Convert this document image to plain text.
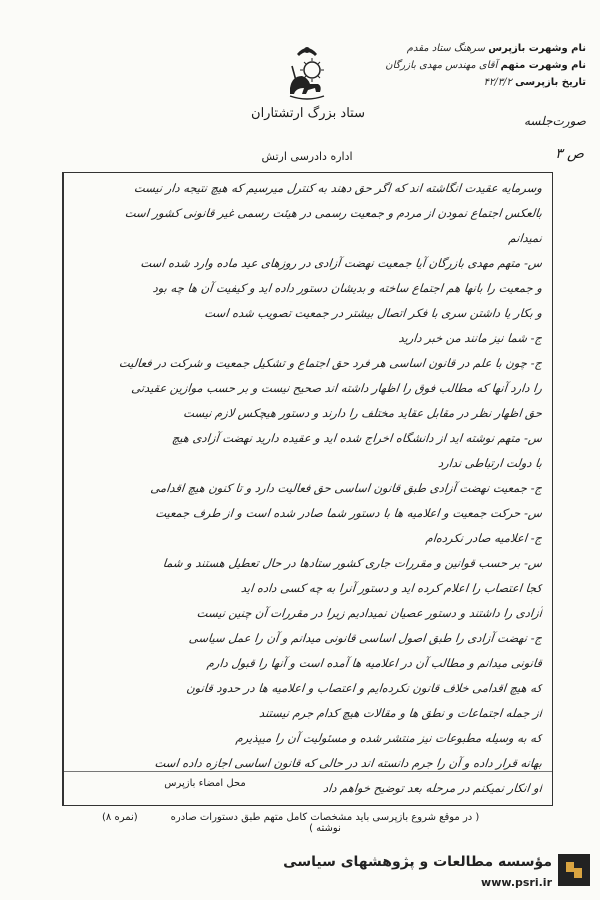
ستاد بزرگ ارتشتاران
اداره دادرسی ارتش
نام وشهرت بازپرس سرهنگ ستاد مقدم
نام وشهرت متهم آقای مهندس مهدی بازرگان
تاریخ بازپرسی ۴۲/۳/۲
صورت‌جلسه
ص ۳
وسرمایه عقیدت انگاشته اند که اگر حق دهند به کنترل میرسیم که هیچ نتیجه دار نیست
بالعکس اجتماع نمودن از مردم و جمعیت رسمی در هیئت رسمی غیر قانونی کشور است
نمیدانم
س- متهم مهدی بازرگان آیا جمعیت نهضت آزادی در روزهای عید ماده وارد شده است
و جمعیت را بانها هم اجتماع ساخته و بدیشان دستور داده اید و کیفیت آن ها چه بود
و بکار یا داشتن سری با فکر اتصال بیشتر در جمعیت تصویب شده است
ج- شما نیز مانند من خبر دارید
ج- چون با علم در قانون اساسی هر فرد حق اجتماع و تشکیل جمعیت و شرکت در فعالیت
را دارد آنها که مطالب فوق را اظهار داشته اند صحیح نیست و بر حسب موازین عقیدتی
حق اظهار نظر در مقابل عقاید مختلف را دارند و دستور هیچکس لازم نیست
س- متهم نوشته اید از دانشگاه اخراج شده اید و عقیده دارید نهضت آزادی هیچ
با دولت ارتباطی ندارد
ج- جمعیت نهضت آزادی طبق قانون اساسی حق فعالیت دارد و تا کنون هیچ اقدامی
س- حرکت جمعیت و اعلامیه ها با دستور شما صادر شده است و از طرف جمعیت
ج- اعلامیه صادر نکرده‌ام
س- بر حسب قوانین و مقررات جاری کشور ستادها در حال تعطیل هستند و شما
کجا اعتصاب را اعلام کرده اید و دستور آنرا به چه کسی داده اید
آزادی را داشتند و دستور عصیان نمیدادیم زیرا در مقررات آن چنین نیست
ج- نهضت آزادی را طبق اصول اساسی قانونی میدانم و آن را عمل سیاسی
قانونی میدانم و مطالب آن در اعلامیه ها آمده است و آنها را قبول دارم
که هیچ اقدامی خلاف قانون نکرده‌ایم و اعتصاب و اعلامیه ها در حدود قانون
از جمله اجتماعات و نطق ها و مقالات هیچ کدام جرم نیستند
که به وسیله مطبوعات نیز منتشر شده و مسئولیت آن را میپذیرم
بهانه قرار داده و آن را جرم دانسته اند در حالی که قانون اساسی اجازه داده است
او انکار نمیکنم در مرحله بعد توضیح خواهم داد
محل امضاء بازپرس
( در موقع شروع بازپرسی باید مشخصات کامل متهم طبق دستورات صادره نوشته )
(نمره ۸)
مؤسسه مطالعات و پژوهشهای سیاسی
www.psri.ir
